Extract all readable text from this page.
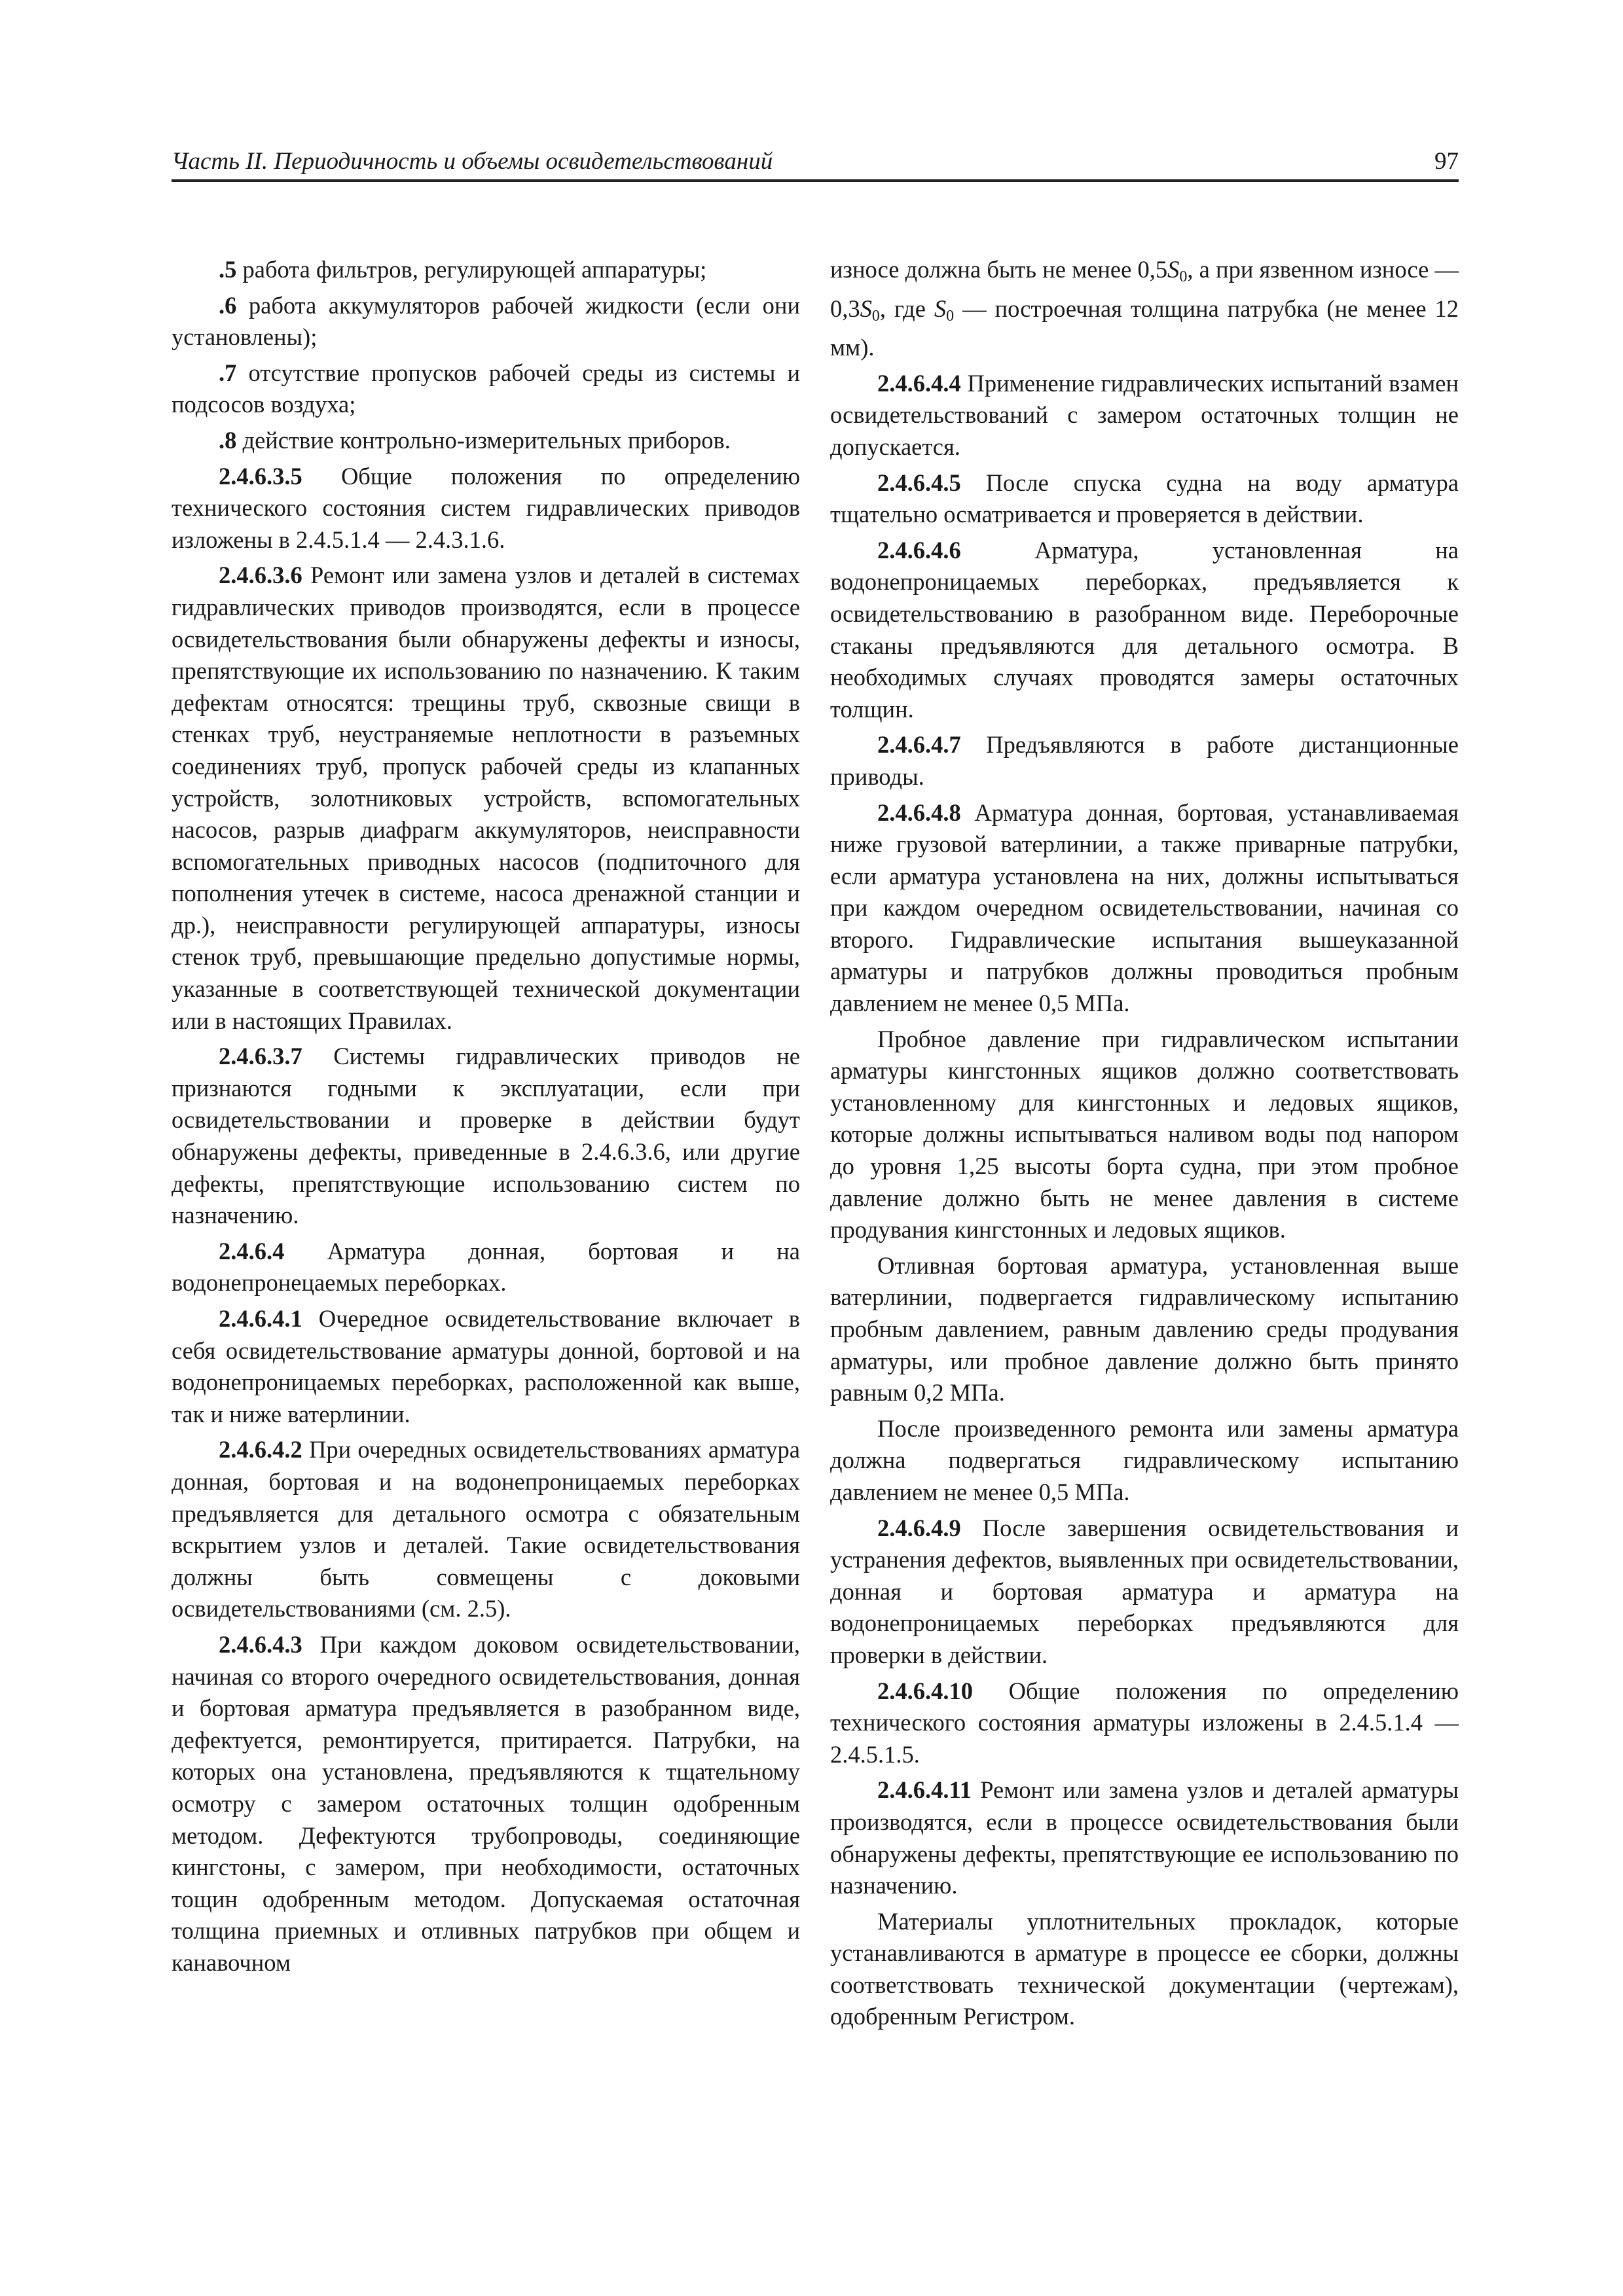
Часть II. Периодичность и объемы освидетельствований	97

.5 работа фильтров, регулирующей аппаратуры;

.6 работа аккумуляторов рабочей жидкости (если они установлены);

.7 отсутствие пропусков рабочей среды из системы и подсосов воздуха;

.8 действие контрольно-измерительных приборов.

2.4.6.3.5 Общие положения по определению технического состояния систем гидравлических приводов изложены в 2.4.5.1.4 — 2.4.3.1.6.

2.4.6.3.6 Ремонт или замена узлов и деталей в системах гидравлических приводов производятся, если в процессе освидетельствования были обнаружены дефекты и износы, препятствующие их использованию по назначению. К таким дефектам относятся: трещины труб, сквозные свищи в стенках труб, неустраняемые неплотности в разъемных соединениях труб, пропуск рабочей среды из клапанных устройств, золотниковых устройств, вспомогательных насосов, разрыв диафрагм аккумуляторов, неисправности вспомогательных приводных насосов (подпиточного для пополнения утечек в системе, насоса дренажной станции и др.), неисправности регулирующей аппаратуры, износы стенок труб, превышающие предельно допустимые нормы, указанные в соответствующей технической документации или в настоящих Правилах.

2.4.6.3.7 Системы гидравлических приводов не признаются годными к эксплуатации, если при освидетельствовании и проверке в действии будут обнаружены дефекты, приведенные в 2.4.6.3.6, или другие дефекты, препятствующие использованию систем по назначению.

2.4.6.4 Арматура донная, бортовая и на водонепронецаемых переборках.

2.4.6.4.1 Очередное освидетельствование включает в себя освидетельствование арматуры донной, бортовой и на водонепроницаемых переборках, расположенной как выше, так и ниже ватерлинии.

2.4.6.4.2 При очередных освидетельствованиях арматура донная, бортовая и на водонепроницаемых переборках предъявляется для детального осмотра с обязательным вскрытием узлов и деталей. Такие освидетельствования должны быть совмещены с доковыми освидетельствованиями (см. 2.5).

2.4.6.4.3 При каждом доковом освидетельствовании, начиная со второго очередного освидетельствования, донная и бортовая арматура предъявляется в разобранном виде, дефектуется, ремонтируется, притирается. Патрубки, на которых она установлена, предъявляются к тщательному осмотру с замером остаточных толщин одобренным методом. Дефектуются трубопроводы, соединяющие кингстоны, с замером, при необходимости, остаточных тощин одобренным методом. Допускаемая остаточная толщина приемных и отливных патрубков при общем и канавочном

износе должна быть не менее $0,5S_0$, а при язвенном износе — $0,3S_0$, где $S_0$ — построечная толщина патрубка (не менее 12 мм).

2.4.6.4.4 Применение гидравлических испытаний взамен освидетельствований с замером остаточных толщин не допускается.

2.4.6.4.5 После спуска судна на воду арматура тщательно осматривается и проверяется в действии.

2.4.6.4.6 Арматура, установленная на водонепроницаемых переборках, предъявляется к освидетельствованию в разобранном виде. Переборочные стаканы предъявляются для детального осмотра. В необходимых случаях проводятся замеры остаточных толщин.

2.4.6.4.7 Предъявляются в работе дистанционные приводы.

2.4.6.4.8 Арматура донная, бортовая, устанавливаемая ниже грузовой ватерлинии, а также приварные патрубки, если арматура установлена на них, должны испытываться при каждом очередном освидетельствовании, начиная со второго. Гидравлические испытания вышеуказанной арматуры и патрубков должны проводиться пробным давлением не менее 0,5 МПа.

Пробное давление при гидравлическом испытании арматуры кингстонных ящиков должно соответствовать установленному для кингстонных и ледовых ящиков, которые должны испытываться наливом воды под напором до уровня 1,25 высоты борта судна, при этом пробное давление должно быть не менее давления в системе продувания кингстонных и ледовых ящиков.

Отливная бортовая арматура, установленная выше ватерлинии, подвергается гидравлическому испытанию пробным давлением, равным давлению среды продувания арматуры, или пробное давление должно быть принято равным 0,2 МПа.

После произведенного ремонта или замены арматура должна подвергаться гидравлическому испытанию давлением не менее 0,5 МПа.

2.4.6.4.9 После завершения освидетельствования и устранения дефектов, выявленных при освидетельствовании, донная и бортовая арматура и арматура на водонепроницаемых переборках предъявляются для проверки в действии.

2.4.6.4.10 Общие положения по определению технического состояния арматуры изложены в 2.4.5.1.4 — 2.4.5.1.5.

2.4.6.4.11 Ремонт или замена узлов и деталей арматуры производятся, если в процессе освидетельствования были обнаружены дефекты, препятствующие ее использованию по назначению.

Материалы уплотнительных прокладок, которые устанавливаются в арматуре в процессе ее сборки, должны соответствовать технической документации (чертежам), одобренным Регистром.
